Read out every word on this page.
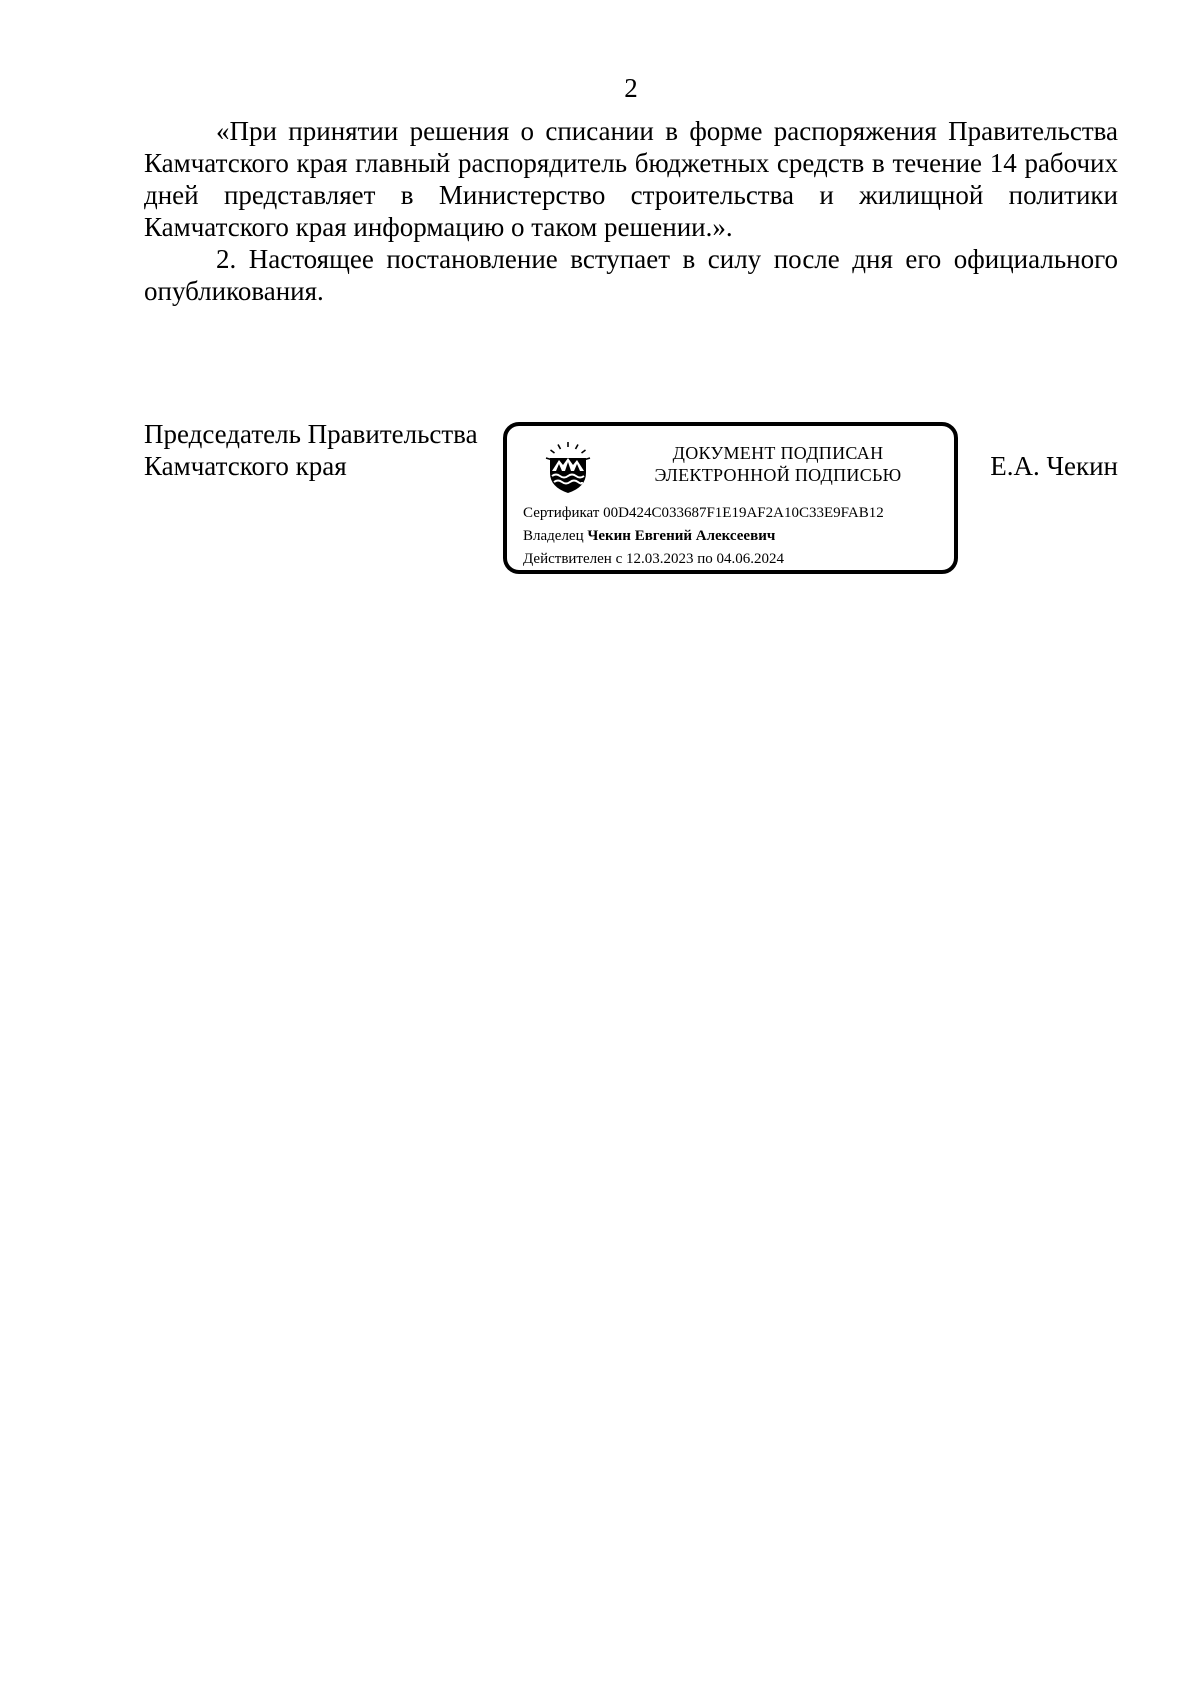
2

«При принятии решения о списании в форме распоряжения Правительства Камчатского края главный распорядитель бюджетных средств в течение 14 рабочих дней представляет в Министерство строительства и жилищной политики Камчатского края информацию о таком решении.».

2. Настоящее постановление вступает в силу после дня его официального опубликования.

Председатель Правительства
Камчатского края	ДОКУМЕНТ ПОДПИСАН
ЭЛЕКТРОННОЙ ПОДПИСЬЮ
Сертификат 00D424C033687F1E19AF2A10C33E9FAB12
Владелец Чекин Евгений Алексеевич
Действителен с 12.03.2023 по 04.06.2024
Е.А. Чекин
